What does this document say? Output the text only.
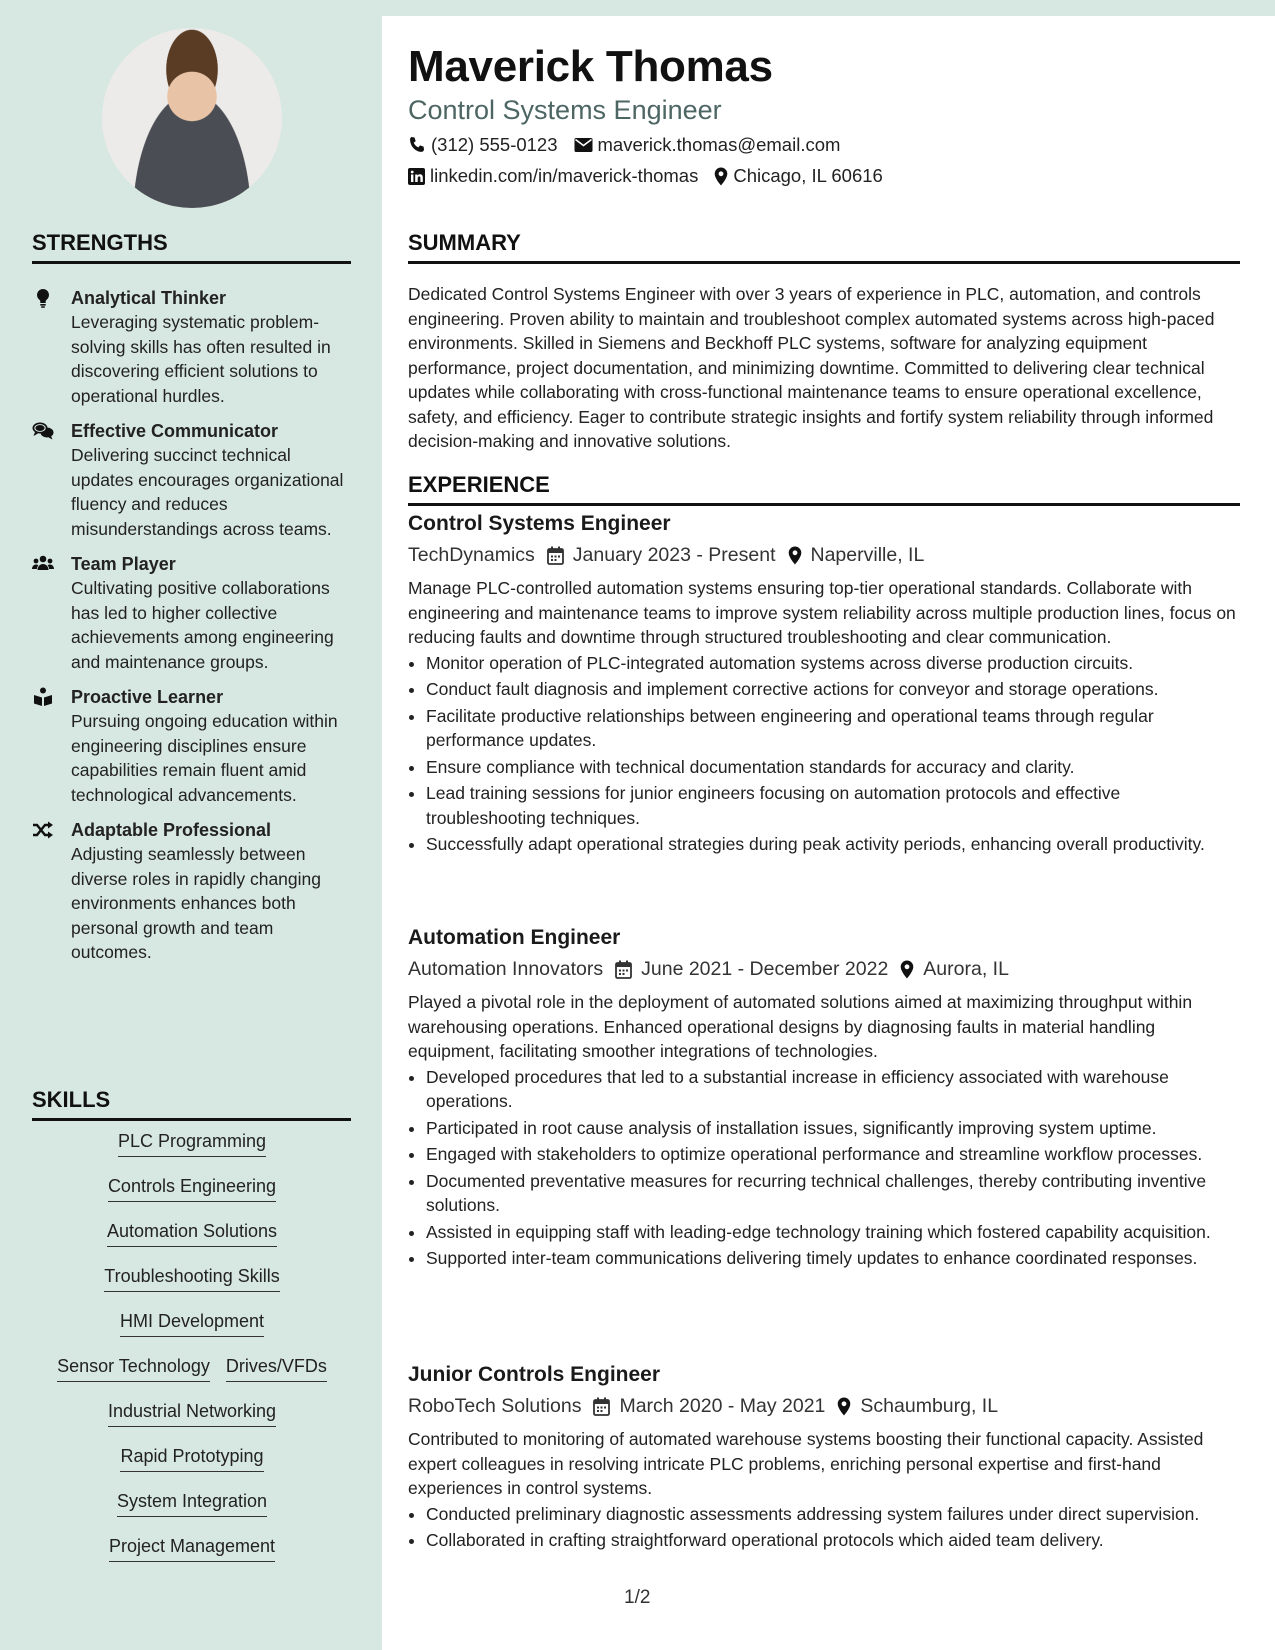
STRENGTHS
Analytical Thinker
Leveraging systematic problem-solving skills has often resulted in discovering efficient solutions to operational hurdles.
Effective Communicator
Delivering succinct technical updates encourages organizational fluency and reduces misunderstandings across teams.
Team Player
Cultivating positive collaborations has led to higher collective achievements among engineering and maintenance groups.
Proactive Learner
Pursuing ongoing education within engineering disciplines ensure capabilities remain fluent amid technological advancements.
Adaptable Professional
Adjusting seamlessly between diverse roles in rapidly changing environments enhances both personal growth and team outcomes.
SKILLS
PLC Programming
Controls Engineering
Automation Solutions
Troubleshooting Skills
HMI Development
Sensor Technology Drives/VFDs
Industrial Networking
Rapid Prototyping
System Integration
Project Management
Maverick Thomas
Control Systems Engineer
(312) 555-0123 maverick.thomas@email.com
linkedin.com/in/maverick-thomas Chicago, IL 60616
SUMMARY
Dedicated Control Systems Engineer with over 3 years of experience in PLC, automation, and controls engineering. Proven ability to maintain and troubleshoot complex automated systems across high-paced environments. Skilled in Siemens and Beckhoff PLC systems, software for analyzing equipment performance, project documentation, and minimizing downtime. Committed to delivering clear technical updates while collaborating with cross-functional maintenance teams to ensure operational excellence, safety, and efficiency. Eager to contribute strategic insights and fortify system reliability through informed decision-making and innovative solutions.
EXPERIENCE
Control Systems Engineer
TechDynamics January 2023 - Present Naperville, IL
Manage PLC-controlled automation systems ensuring top-tier operational standards. Collaborate with engineering and maintenance teams to improve system reliability across multiple production lines, focus on reducing faults and downtime through structured troubleshooting and clear communication.
• Monitor operation of PLC-integrated automation systems across diverse production circuits.
• Conduct fault diagnosis and implement corrective actions for conveyor and storage operations.
• Facilitate productive relationships between engineering and operational teams through regular performance updates.
• Ensure compliance with technical documentation standards for accuracy and clarity.
• Lead training sessions for junior engineers focusing on automation protocols and effective troubleshooting techniques.
• Successfully adapt operational strategies during peak activity periods, enhancing overall productivity.
Automation Engineer
Automation Innovators June 2021 - December 2022 Aurora, IL
Played a pivotal role in the deployment of automated solutions aimed at maximizing throughput within warehousing operations. Enhanced operational designs by diagnosing faults in material handling equipment, facilitating smoother integrations of technologies.
• Developed procedures that led to a substantial increase in efficiency associated with warehouse operations.
• Participated in root cause analysis of installation issues, significantly improving system uptime.
• Engaged with stakeholders to optimize operational performance and streamline workflow processes.
• Documented preventative measures for recurring technical challenges, thereby contributing inventive solutions.
• Assisted in equipping staff with leading-edge technology training which fostered capability acquisition.
• Supported inter-team communications delivering timely updates to enhance coordinated responses.
Junior Controls Engineer
RoboTech Solutions March 2020 - May 2021 Schaumburg, IL
Contributed to monitoring of automated warehouse systems boosting their functional capacity. Assisted expert colleagues in resolving intricate PLC problems, enriching personal expertise and first-hand experiences in control systems.
• Conducted preliminary diagnostic assessments addressing system failures under direct supervision.
• Collaborated in crafting straightforward operational protocols which aided team delivery.
1/2
